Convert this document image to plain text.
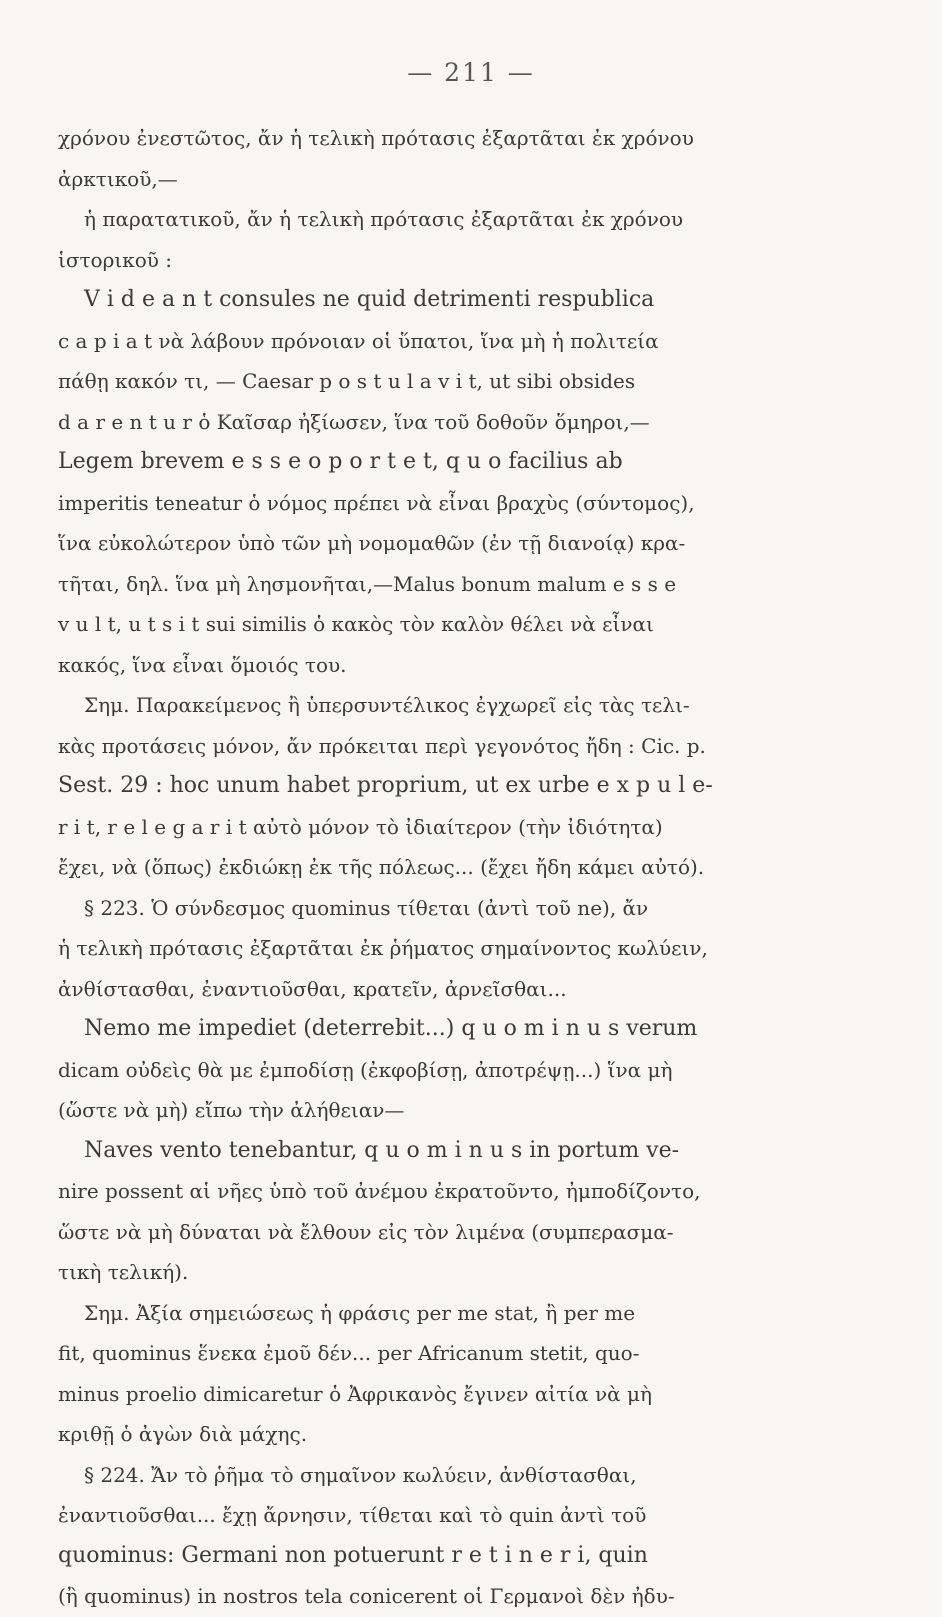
— 211 —
χρόνου ἐνεστῶτος, ἄν ἡ τελικὴ πρότασις ἐξαρτᾶται ἐκ χρόνου
ἀρκτικοῦ,—
ἡ παρατατικοῦ, ἄν ἡ τελικὴ πρότασις ἐξαρτᾶται ἐκ χρόνου
ἱστορικοῦ :
V i d e a n t consules ne quid detrimenti respublica
c a p i a t νὰ λάβουν πρόνοιαν οἱ ὕπατοι, ἵνα μὴ ἡ πολιτεία
πάθῃ κακόν τι, — Caesar p o s t u l a v i t, ut sibi obsides
d a r e n t u r ὁ Καῖσαρ ἠξίωσεν, ἵνα τοῦ δοθοῦν ὅμηροι,—
Legem brevem e s s e o p o r t e t, q u o facilius ab
imperitis teneatur ὁ νόμος πρέπει νὰ εἶναι βραχὺς (σύντομος),
ἵνα εὐκολώτερον ὑπὸ τῶν μὴ νομομαθῶν (ἐν τῇ διανοίᾳ) κρα-
τῆται, δηλ. ἵνα μὴ λησμονῆται,—Malus bonum malum e s s e
v u l t, u t s i t sui similis ὁ κακὸς τὸν καλὸν θέλει νὰ εἶναι
κακός, ἵνα εἶναι ὅμοιός του.
Σημ. Παρακείμενος ἢ ὑπερσυντέλικος ἐγχωρεῖ εἰς τὰς τελι-
κὰς προτάσεις μόνον, ἄν πρόκειται περὶ γεγονότος ἤδη : Cic. p.
Sest. 29 : hoc unum habet proprium, ut ex urbe e x p u l e-
r i t, r e l e g a r i t αὐτὸ μόνον τὸ ἰδιαίτερον (τὴν ἰδιότητα)
ἔχει, νὰ (ὅπως) ἐκδιώκῃ ἐκ τῆς πόλεως... (ἔχει ἤδη κάμει αὐτό).
§ 223. Ὁ σύνδεσμος quominus τίθεται (ἀντὶ τοῦ ne), ἄν
ἡ τελικὴ πρότασις ἐξαρτᾶται ἐκ ῥήματος σημαίνοντος κωλύειν,
ἀνθίστασθαι, ἐναντιοῦσθαι, κρατεῖν, ἀρνεῖσθαι...
Nemo me impediet (deterrebit...) q u o m i n u s verum
dicam οὐδεὶς θὰ με ἐμποδίσῃ (ἐκφοβίσῃ, ἀποτρέψῃ...) ἵνα μὴ
(ὥστε νὰ μὴ) εἴπω τὴν ἀλήθειαν—
Naves vento tenebantur, q u o m i n u s in portum ve-
nire possent αἱ νῆες ὑπὸ τοῦ ἀνέμου ἐκρατοῦντο, ἠμποδίζοντο,
ὥστε νὰ μὴ δύναται νὰ ἔλθουν εἰς τὸν λιμένα (συμπερασμα-
τικὴ τελική).
Σημ. Ἀξία σημειώσεως ἡ φράσις per me stat, ἢ per me
fit, quominus ἕνεκα ἐμοῦ δέν... per Africanum stetit, quo-
minus proelio dimicaretur ὁ Ἀφρικανὸς ἔγινεν αἰτία νὰ μὴ
κριθῇ ὁ ἀγὼν διὰ μάχης.
§ 224. Ἄν τὸ ῥῆμα τὸ σημαῖνον κωλύειν, ἀνθίστασθαι,
ἐναντιοῦσθαι... ἔχῃ ἄρνησιν, τίθεται καὶ τὸ quin ἀντὶ τοῦ
quominus: Germani non potuerunt r e t i n e r i, quin
(ἢ quominus) in nostros tela conicerent οἱ Γερμανοὶ δὲν ἠδυ-
